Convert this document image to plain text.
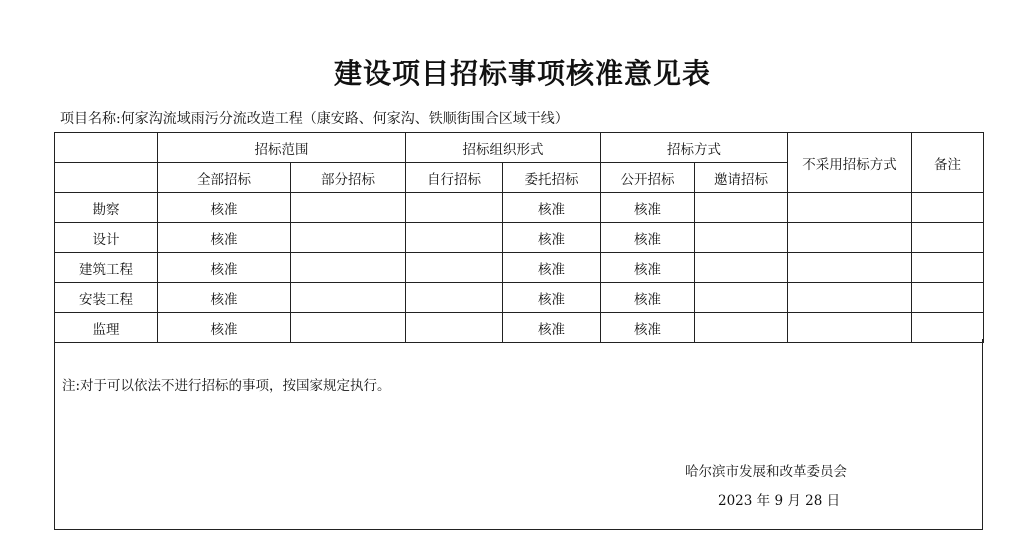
建设项目招标事项核准意见表
项目名称:何家沟流域雨污分流改造工程（康安路、何家沟、铁顺街围合区域干线）
	招标范围		招标组织形式		招标方式		不采用招标方式	备注
	全部招标	部分招标	自行招标	委托招标	公开招标	邀请招标		
勘察	核准			核准	核准			
设计	核准			核准	核准			
建筑工程	核准			核准	核准			
安装工程	核准			核准	核准			
监理	核准			核准	核准			
注:对于可以依法不进行招标的事项，按国家规定执行。
哈尔滨市发展和改革委员会
2023 年 9 月 28 日
